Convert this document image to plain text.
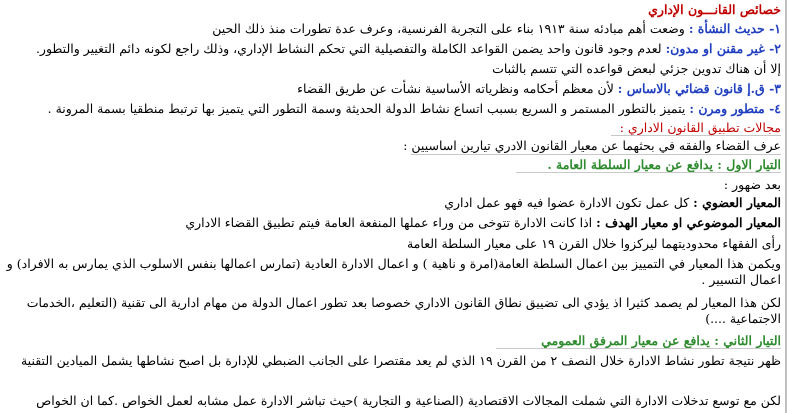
خصائص القانـــون الإداري
١- حديث النشأة : وضعت أهم مبادئه سنة ١٩١٣ بناء على التجربة الفرنسية، وعرف عدة تطورات منذ ذلك الحين
٢- غير مقنن او مدون: لعدم وجود قانون واحد يضمن القواعد الكاملة والتفصيلية التي تحكم النشاط الإداري، وذلك راجع لكونه دائم التغيير والتطور.
إلا أن هناك تدوين جزئي لبعض قواعده التي تتسم بالثبات
٣- ق.إ قانون قضائي بالاساس : لأن معظم أحكامه ونظرياته الأساسية نشأت عن طريق القضاء
٤- متطور ومرن : يتميز بالتطور المستمر و السريع بسبب اتساع نشاط الدولة الحديثة وسمة التطور التي يتميز بها ترتبط منطقيا بسمة المرونة .
مجالات تطبيق القانون الاداري :
عرف القضاء والفقه في بحثهما عن معيار القانون الادري تيارين اساسيين :
التيار الاول : يدافع عن معيار السلطة العامة .
بعد ضهور :
المعيار العضوي : كل عمل تكون الادارة عضوا فيه فهو عمل اداري
المعيار الموضوعي او معيار الهدف : اذا كانت الادارة تتوخى من وراء عملها المنفعة العامة فيتم تطبيق القضاء الاداري
رأى الفقهاء محدوديتهما ليركزوا خلال القرن ١٩ على معيار السلطة العامة
ويكمن هذا المعيار في التمييز بين اعمال السلطة العامة(امرة و ناهية ) و اعمال الادارة العادية (تمارس اعمالها بنفس الاسلوب الذي يمارس به الافراد) و اعمال التسيير .
لكن هذا المعيار لم يصمد كثيرا اذ يؤدي الى تضييق نطاق القانون الاداري خصوصا بعد تطور اعمال الدولة من مهام ادارية الى تقنية (التعليم ،الخدمات الاجتماعية ....)
التيار الثاني : يدافع عن معيار المرفق العمومي
ظهر نتيجة تطور نشاط الادارة خلال النصف ٢ من القرن ١٩ الذي لم يعد مقتصرا على الجانب الضبطي للإدارة بل اصبح نشاطها يشمل الميادين التقنية
لكن مع توسع تدخلات الادارة التي شملت المجالات الاقتصادية (الصناعية و التجارية )حيث تباشر الادارة عمل مشابه لعمل الخواص .كما ان الخواص
